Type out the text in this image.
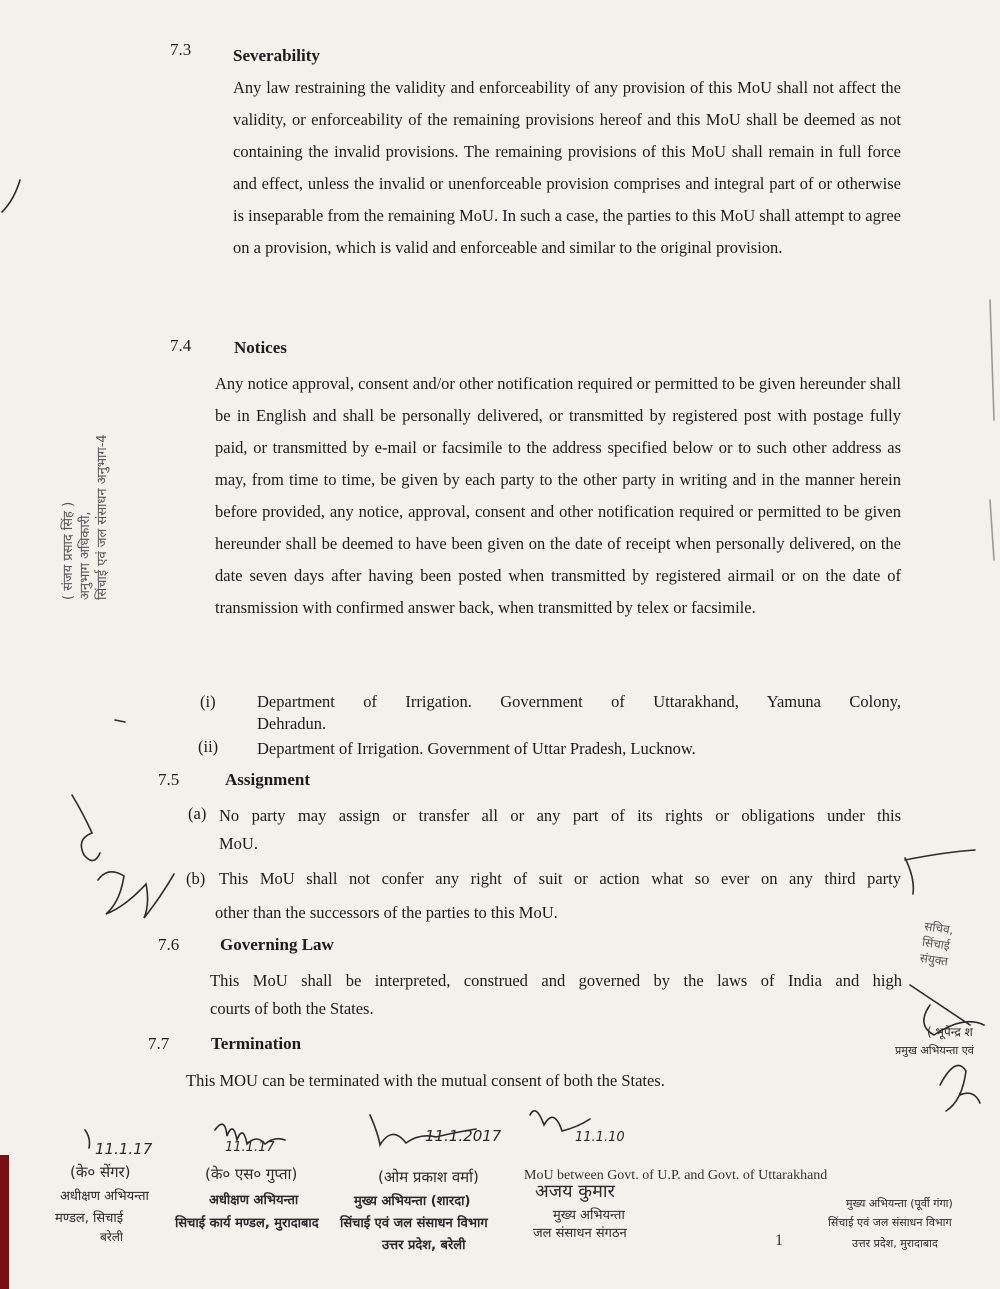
7.3 Severability

Any law restraining the validity and enforceability of any provision of this MoU shall not affect the validity, or enforceability of the remaining provisions hereof and this MoU shall be deemed as not containing the invalid provisions. The remaining provisions of this MoU shall remain in full force and effect, unless the invalid or unenforceable provision comprises and integral part of or otherwise is inseparable from the remaining MoU. In such a case, the parties to this MoU shall attempt to agree on a provision, which is valid and enforceable and similar to the original provision.

7.4	Notices

Any notice approval, consent and/or other notification required or permitted to be given hereunder shall be in English and shall be personally delivered, or transmitted by registered post with postage fully paid, or transmitted by e-mail or facsimile to the address specified below or to such other address as may, from time to time, be given by each party to the other party in writing and in the manner herein before provided, any notice, approval, consent and other notification required or permitted to be given hereunder shall be deemed to have been given on the date of receipt when personally delivered, on the date seven days after having been posted when transmitted by registered airmail or on the date of transmission with confirmed answer back, when transmitted by telex or facsimile.

(i)	Department of Irrigation. Government of Uttarakhand, Yamuna Colony,
Dehradun.
(ii) Department of Irrigation. Government of Uttar Pradesh, Lucknow.
7.5	Assignment
(a) No party may assign or transfer all or any part of its rights or obligations under this
MoU.
(b) This MoU shall not confer any right of suit or action what so ever on any third party
other than the successors of the parties to this MoU.
7.6 Governing Law
This MoU shall be interpreted, construed and governed by the laws of India and high
courts of both the States.
7.7 Termination
This MOU can be terminated with the mutual consent of both the States.
MoU between Govt. of U.P. and Govt. of Uttarakhand
1
( संजय प्रसाद सिंह ) अनुभाग अधिकारी, सिंचाई एवं जल संसाधन अनुभाग-4
सचिव,
सिंचाई
संयुक्त
11.1.17
(के० सेंगर)
अधीक्षण अभियन्ता
मण्डल, सिचाई
बरेली
11.1.17
(के० एस० गुप्ता)
अधीक्षण अभियन्ता
सिचाई कार्य मण्डल, मुरादाबाद
11.1.2017
(ओम प्रकाश वर्मा)
मुख्य अभियन्ता (शारदा)
सिंचाई एवं जल संसाधन विभाग
उत्तर प्रदेश, बरेली
11.1.10
अजय कुमार
मुख्य अभियन्ता
जल संसाधन संगठन
( भूपेन्द्र श
प्रमुख अभियन्ता एवं
मुख्य अभियन्ता (पूर्वी गंगा)
सिंचाई एवं जल संसाधन विभाग
उत्तर प्रदेश, मुरादाबाद
